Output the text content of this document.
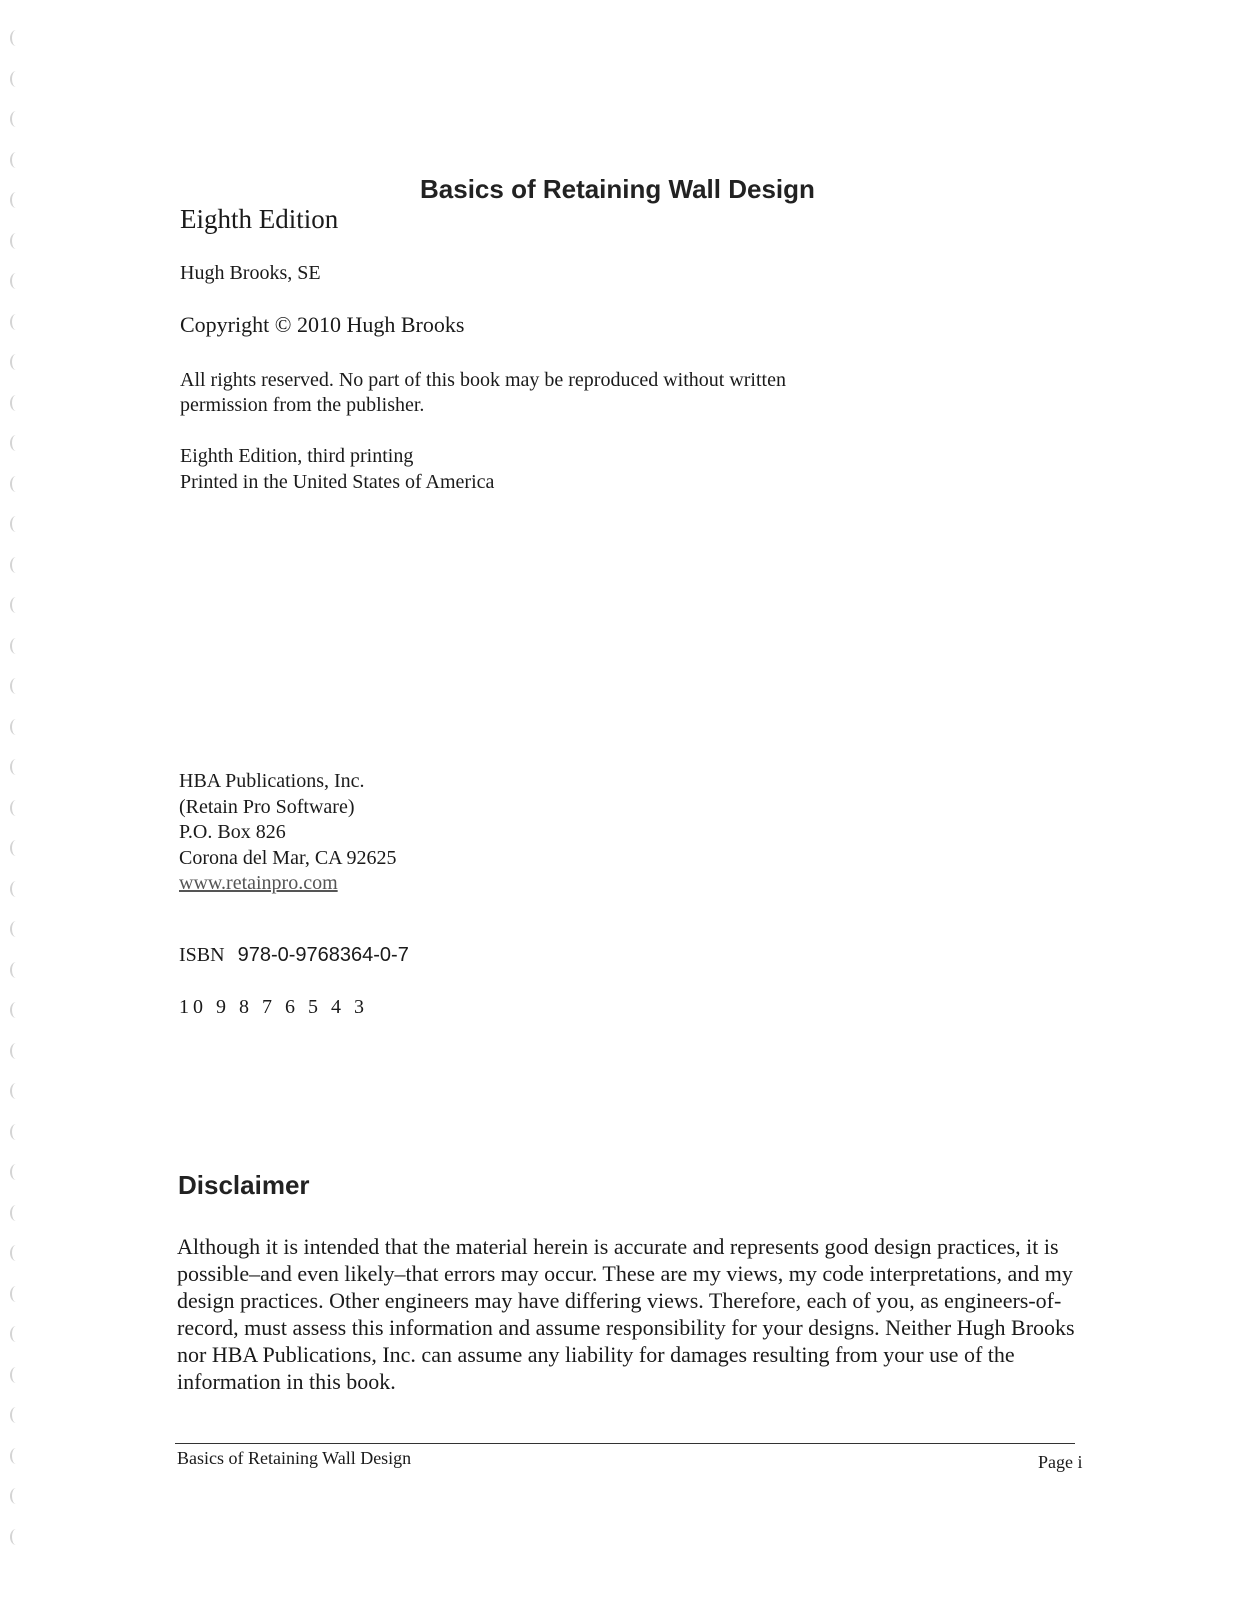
Basics of Retaining Wall Design
Eighth Edition
Hugh Brooks, SE
Copyright © 2010 Hugh Brooks
All rights reserved. No part of this book may be reproduced without written
permission from the publisher.
Eighth Edition, third printing
Printed in the United States of America
HBA Publications, Inc.
(Retain Pro Software)
P.O. Box 826
Corona del Mar, CA 92625
www.retainpro.com
ISBN 978-0-9768364-0-7
10 9 8 7 6 5 4 3
Disclaimer
Although it is intended that the material herein is accurate and represents good design practices, it is possible–and even likely–that errors may occur. These are my views, my code interpretations, and my design practices. Other engineers may have differing views. Therefore, each of you, as engineers-of-record, must assess this information and assume responsibility for your designs. Neither Hugh Brooks nor HBA Publications, Inc. can assume any liability for damages resulting from your use of the information in this book.
Basics of Retaining Wall Design	Page i
